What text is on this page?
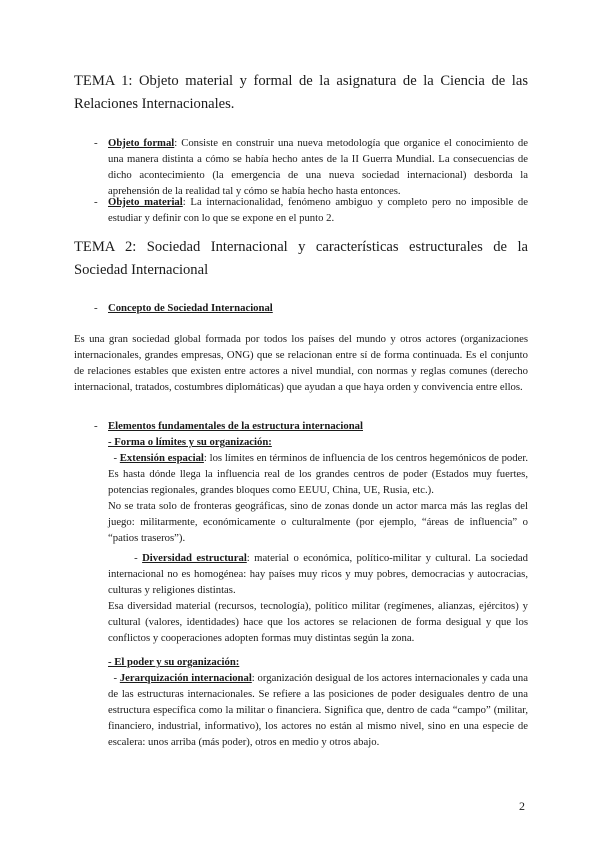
TEMA 1: Objeto material y formal de la asignatura de la Ciencia de las Relaciones Internacionales.
- Objeto formal: Consiste en construir una nueva metodología que organice el conocimiento de una manera distinta a cómo se había hecho antes de la II Guerra Mundial. La consecuencias de dicho acontecimiento (la emergencia de una nueva sociedad internacional) desborda la aprehensión de la realidad tal y cómo se había hecho hasta entonces.
- Objeto material: La internacionalidad, fenómeno ambiguo y completo pero no imposible de estudiar y definir con lo que se expone en el punto 2.
TEMA 2: Sociedad Internacional y características estructurales de la Sociedad Internacional
- Concepto de Sociedad Internacional
Es una gran sociedad global formada por todos los países del mundo y otros actores (organizaciones internacionales, grandes empresas, ONG) que se relacionan entre sí de forma continuada. Es el conjunto de relaciones estables que existen entre actores a nivel mundial, con normas y reglas comunes (derecho internacional, tratados, costumbres diplomáticas) que ayudan a que haya orden y convivencia entre ellos.
- Elementos fundamentales de la estructura internacional
- Forma o límites y su organización:
- Extensión espacial: los límites en términos de influencia de los centros hegemónicos de poder. Es hasta dónde llega la influencia real de los grandes centros de poder (Estados muy fuertes, potencias regionales, grandes bloques como EEUU, China, UE, Rusia, etc.).
No se trata solo de fronteras geográficas, sino de zonas donde un actor marca más las reglas del juego: militarmente, económicamente o culturalmente (por ejemplo, “áreas de influencia” o “patios traseros”).
- Diversidad estructural: material o económica, político-militar y cultural. La sociedad internacional no es homogénea: hay países muy ricos y muy pobres, democracias y autocracias, culturas y religiones distintas.
Esa diversidad material (recursos, tecnología), político militar (regímenes, alianzas, ejércitos) y cultural (valores, identidades) hace que los actores se relacionen de forma desigual y que los conflictos y cooperaciones adopten formas muy distintas según la zona.
- El poder y su organización:
- Jerarquización internacional: organización desigual de los actores internacionales y cada una de las estructuras internacionales. Se refiere a las posiciones de poder desiguales dentro de una estructura específica como la militar o financiera. Significa que, dentro de cada “campo” (militar, financiero, industrial, informativo), los actores no están al mismo nivel, sino en una especie de escalera: unos arriba (más poder), otros en medio y otros abajo.
2
